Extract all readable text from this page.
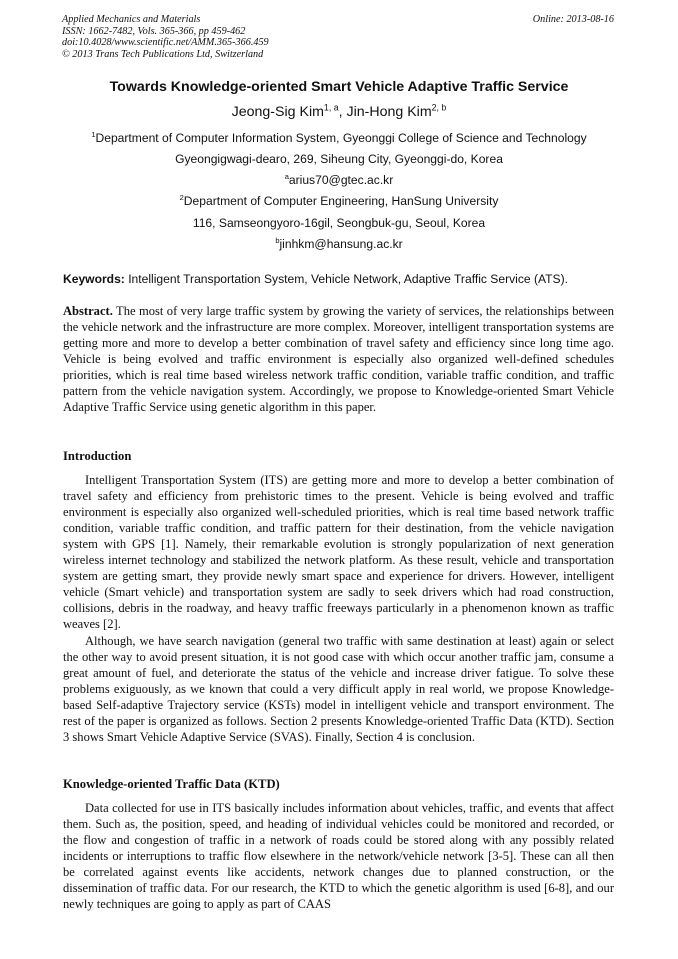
Applied Mechanics and Materials
ISSN: 1662-7482, Vols. 365-366, pp 459-462
doi:10.4028/www.scientific.net/AMM.365-366.459
© 2013 Trans Tech Publications Ltd, Switzerland
Online: 2013-08-16
Towards Knowledge-oriented Smart Vehicle Adaptive Traffic Service
Jeong-Sig Kim$^{1, a}$, Jin-Hong Kim$^{2, b}$
$^1$Department of Computer Information System, Gyeonggi College of Science and Technology
Gyeongigwagi-dearo, 269, Siheung City, Gyeonggi-do, Korea
$^a$arius70@gtec.ac.kr
$^2$Department of Computer Engineering, HanSung University
116, Samseongyoro-16gil, Seongbuk-gu, Seoul, Korea
$^b$jinhkm@hansung.ac.kr
Keywords: Intelligent Transportation System, Vehicle Network, Adaptive Traffic Service (ATS).
Abstract. The most of very large traffic system by growing the variety of services, the relationships between the vehicle network and the infrastructure are more complex. Moreover, intelligent transportation systems are getting more and more to develop a better combination of travel safety and efficiency since long time ago. Vehicle is being evolved and traffic environment is especially also organized well-defined schedules priorities, which is real time based wireless network traffic condition, variable traffic condition, and traffic pattern from the vehicle navigation system. Accordingly, we propose to Knowledge-oriented Smart Vehicle Adaptive Traffic Service using genetic algorithm in this paper.
Introduction
Intelligent Transportation System (ITS) are getting more and more to develop a better combination of travel safety and efficiency from prehistoric times to the present. Vehicle is being evolved and traffic environment is especially also organized well-scheduled priorities, which is real time based network traffic condition, variable traffic condition, and traffic pattern for their destination, from the vehicle navigation system with GPS [1]. Namely, their remarkable evolution is strongly popularization of next generation wireless internet technology and stabilized the network platform. As these result, vehicle and transportation system are getting smart, they provide newly smart space and experience for drivers. However, intelligent vehicle (Smart vehicle) and transportation system are sadly to seek drivers which had road construction, collisions, debris in the roadway, and heavy traffic freeways particularly in a phenomenon known as traffic weaves [2].
Although, we have search navigation (general two traffic with same destination at least) again or select the other way to avoid present situation, it is not good case with which occur another traffic jam, consume a great amount of fuel, and deteriorate the status of the vehicle and increase driver fatigue. To solve these problems exiguously, as we known that could a very difficult apply in real world, we propose Knowledge-based Self-adaptive Trajectory service (KSTs) model in intelligent vehicle and transport environment. The rest of the paper is organized as follows. Section 2 presents Knowledge-oriented Traffic Data (KTD). Section 3 shows Smart Vehicle Adaptive Service (SVAS). Finally, Section 4 is conclusion.
Knowledge-oriented Traffic Data (KTD)
Data collected for use in ITS basically includes information about vehicles, traffic, and events that affect them. Such as, the position, speed, and heading of individual vehicles could be monitored and recorded, or the flow and congestion of traffic in a network of roads could be stored along with any possibly related incidents or interruptions to traffic flow elsewhere in the network/vehicle network [3-5]. These can all then be correlated against events like accidents, network changes due to planned construction, or the dissemination of traffic data. For our research, the KTD to which the genetic algorithm is used [6-8], and our newly techniques are going to apply as part of CAAS
